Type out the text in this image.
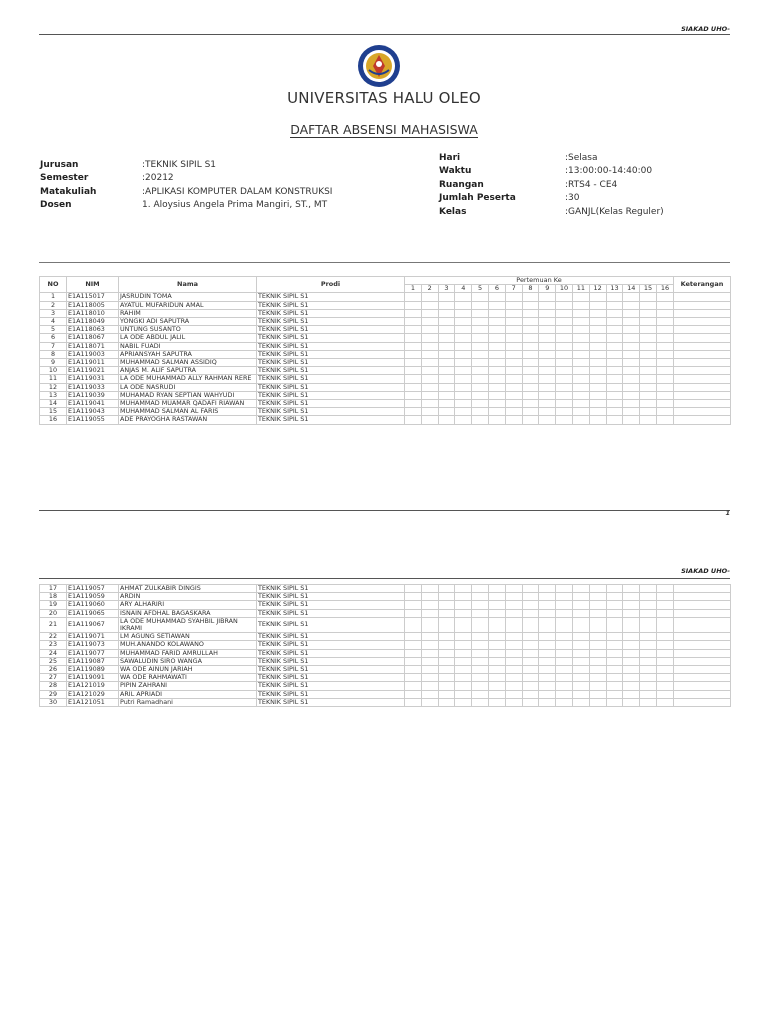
SIAKAD UHO-
UNIVERSITAS HALU OLEO
DAFTAR ABSENSI MAHASISWA
Jurusan	:TEKNIK SIPIL S1
Semester	:20212
Matakuliah	:APLIKASI KOMPUTER DALAM KONSTRUKSI
Dosen	1. Aloysius Angela Prima Mangiri, ST., MT
Hari	:Selasa
Waktu	:13:00:00-14:40:00
Ruangan	:RTS4 - CE4
Jumlah Peserta	:30
Kelas	:GANJL(Kelas Reguler)
NO	NIM	Nama	Prodi	Pertemuan Ke																Keterangan
				1	2	3	4	5	6	7	8	9	10	11	12	13	14	15	16	
1	E1A115017	JASRUDIN TOMA	TEKNIK SIPIL S1																	
2	E1A118005	AYATUL MUFARIDUN AMAL	TEKNIK SIPIL S1																	
3	E1A118010	RAHIM	TEKNIK SIPIL S1																	
4	E1A118049	YONGKI ADI SAPUTRA	TEKNIK SIPIL S1																	
5	E1A118063	UNTUNG SUSANTO	TEKNIK SIPIL S1																	
6	E1A118067	LA ODE ABDUL JALIL	TEKNIK SIPIL S1																	
7	E1A118071	NABIL FUADI	TEKNIK SIPIL S1																	
8	E1A119003	APRIANSYAH SAPUTRA	TEKNIK SIPIL S1																	
9	E1A119011	MUHAMMAD SALMAN ASSIDIQ	TEKNIK SIPIL S1																	
10	E1A119021	ANJAS M. ALIF SAPUTRA	TEKNIK SIPIL S1																	
11	E1A119031	LA ODE MUHAMMAD ALLY RAHMAN RERE	TEKNIK SIPIL S1																	
12	E1A119033	LA ODE NASRUDI	TEKNIK SIPIL S1																	
13	E1A119039	MUHAMAD RYAN SEPTIAN WAHYUDI	TEKNIK SIPIL S1																	
14	E1A119041	MUHAMMAD MUAMAR QADAFI RIAWAN	TEKNIK SIPIL S1																	
15	E1A119043	MUHAMMAD SALMAN AL FARIS	TEKNIK SIPIL S1																	
16	E1A119055	ADE PRAYOGHA RASTAWAN	TEKNIK SIPIL S1																	
1
SIAKAD UHO-
17	E1A119057	AHMAT ZULKABIR DINGIS	TEKNIK SIPIL S1																	
18	E1A119059	ARDIN	TEKNIK SIPIL S1																	
19	E1A119060	ARY ALHARIRI	TEKNIK SIPIL S1																	
20	E1A119065	ISNAIN AFDHAL BAGASKARA	TEKNIK SIPIL S1																	
21	E1A119067	LA ODE MUHAMMAD SYAHBIL JIBRAN IKRAMI	TEKNIK SIPIL S1																	
22	E1A119071	LM AGUNG SETIAWAN	TEKNIK SIPIL S1																	
23	E1A119073	MUH.ANANDO KOLAWANO	TEKNIK SIPIL S1																	
24	E1A119077	MUHAMMAD FARID AMRULLAH	TEKNIK SIPIL S1																	
25	E1A119087	SAWALUDIN SIRO WANGA	TEKNIK SIPIL S1																	
26	E1A119089	WA ODE AINUN JARIAH	TEKNIK SIPIL S1																	
27	E1A119091	WA ODE RAHMAWATI	TEKNIK SIPIL S1																	
28	E1A121019	PIPIN ZAHRANI	TEKNIK SIPIL S1																	
29	E1A121029	ARIL APRIADI	TEKNIK SIPIL S1																	
30	E1A121051	Putri Ramadhani	TEKNIK SIPIL S1																	
